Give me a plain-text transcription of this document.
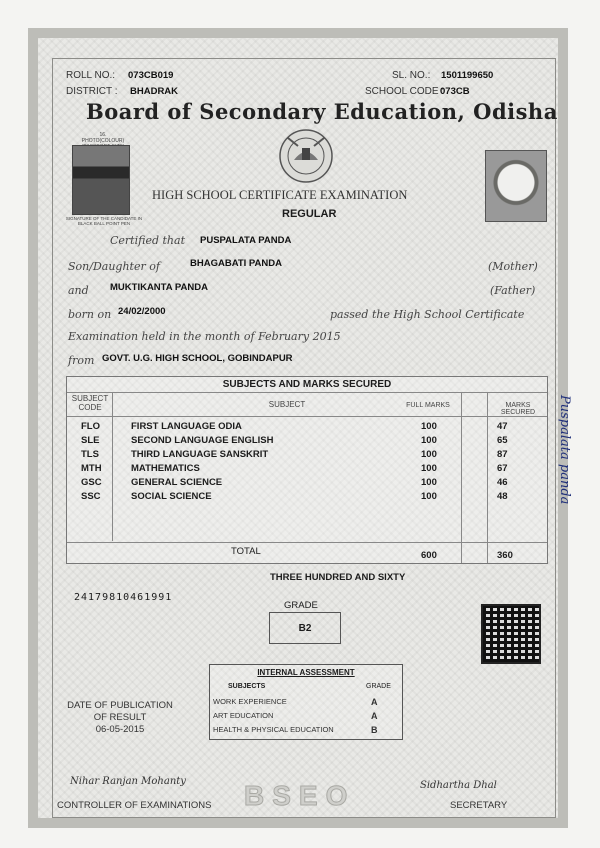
ROLL NO.: 073CB019	SL. NO.: 1501199650
DISTRICT : BHADRAK	SCHOOL CODE :
073CB
Board of Secondary Education, Odisha
16. PHOTO(COLOUR)
SIGNATURE OF THE CANDIDATE IN BLACK BALL POINT PEN
HIGH SCHOOL CERTIFICATE EXAMINATION
REGULAR
Certified that PUSPALATA PANDA
Son/Daughter of	BHAGABATI PANDA	(Mother)
and MUKTIKANTA PANDA	(Father)
born on 24/02/2000	passed the High School Certificate
Examination held in the month of February 2015
from GOVT. U.G. HIGH SCHOOL, GOBINDAPUR
SUBJECTS AND MARKS SECURED
SUBJECT CODE	SUBJECT	FULL MARKS	MARKS SECURED
FLO	FIRST LANGUAGE ODIA	100	47
SLE	SECOND LANGUAGE ENGLISH	100	65
TLS	THIRD LANGUAGE SANSKRIT	100	87
MTH	MATHEMATICS	100	67
GSC	GENERAL SCIENCE	100	46
SSC	SOCIAL SCIENCE	100	48
TOTAL	600	360
THREE HUNDRED AND SIXTY
24179810461991
GRADE
B2
INTERNAL ASSESSMENT
SUBJECTS	GRADE
WORK EXPERIENCE	A
ART EDUCATION	A
HEALTH & PHYSICAL EDUCATION	B
DATE OF PUBLICATION
OF RESULT
06-05-2015
BSEO
Nihar Ranjan Mohanty
CONTROLLER OF EXAMINATIONS
Sidhartha Dhal
SECRETARY
Puspalata panda
